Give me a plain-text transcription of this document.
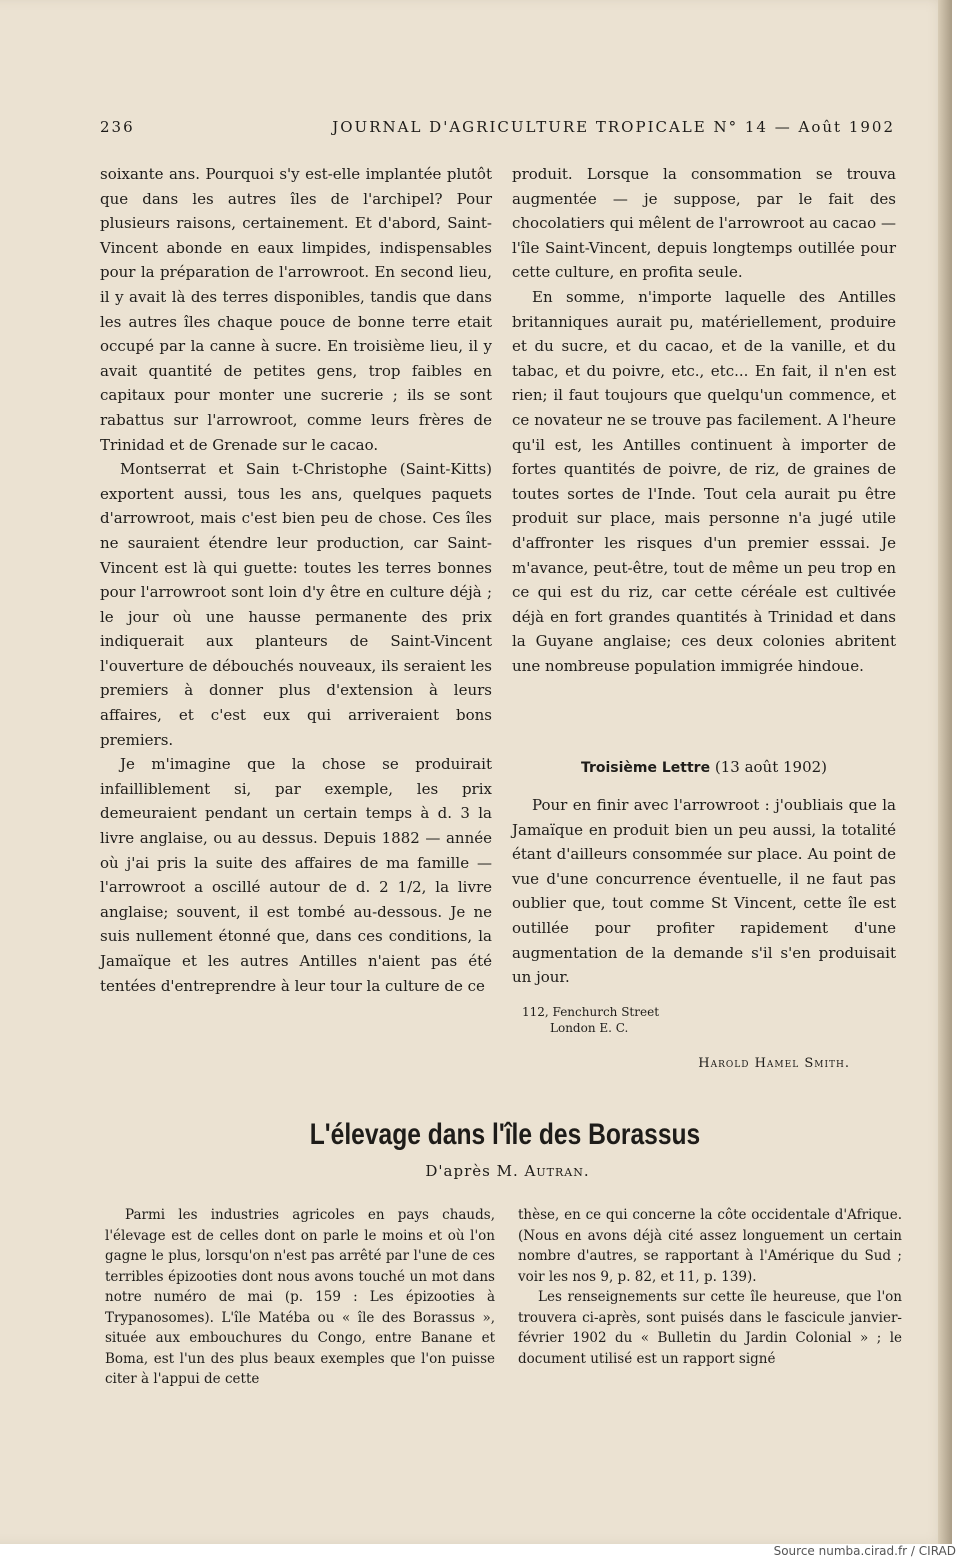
236	JOURNAL D'AGRICULTURE TROPICALE N° 14 — Août 1902

soixante ans. Pourquoi s'y est-elle implantée plutôt que dans les autres îles de l'archipel? Pour plusieurs raisons, certainement. Et d'abord, Saint-Vincent abonde en eaux limpides, indispensables pour la préparation de l'arrowroot. En second lieu, il y avait là des terres disponibles, tandis que dans les autres îles chaque pouce de bonne terre etait occupé par la canne à sucre. En troisième lieu, il y avait quantité de petites gens, trop faibles en capitaux pour monter une sucrerie ; ils se sont rabattus sur l'arrowroot, comme leurs frères de Trinidad et de Grenade sur le cacao.

Montserrat et Sain t-Christophe (Saint-Kitts) exportent aussi, tous les ans, quelques paquets d'arrowroot, mais c'est bien peu de chose. Ces îles ne sauraient étendre leur production, car Saint-Vincent est là qui guette: toutes les terres bonnes pour l'arrowroot sont loin d'y être en culture déjà ; le jour où une hausse permanente des prix indiquerait aux planteurs de Saint-Vincent l'ouverture de débouchés nouveaux, ils seraient les premiers à donner plus d'extension à leurs affaires, et c'est eux qui arriveraient bons premiers.

Je m'imagine que la chose se produirait infailliblement si, par exemple, les prix demeuraient pendant un certain temps à d. 3 la livre anglaise, ou au dessus. Depuis 1882 — année où j'ai pris la suite des affaires de ma famille — l'arrowroot a oscillé autour de d. 2 1/2, la livre anglaise; souvent, il est tombé au-dessous. Je ne suis nullement étonné que, dans ces conditions, la Jamaïque et les autres Antilles n'aient pas été tentées d'entreprendre à leur tour la culture de ce

produit. Lorsque la consommation se trouva augmentée — je suppose, par le fait des chocolatiers qui mêlent de l'arrowroot au cacao — l'île Saint-Vincent, depuis longtemps outillée pour cette culture, en profita seule.

En somme, n'importe laquelle des Antilles britanniques aurait pu, matériellement, produire et du sucre, et du cacao, et de la vanille, et du tabac, et du poivre, etc., etc... En fait, il n'en est rien; il faut toujours que quelqu'un commence, et ce novateur ne se trouve pas facilement. A l'heure qu'il est, les Antilles continuent à importer de fortes quantités de poivre, de riz, de graines de toutes sortes de l'Inde. Tout cela aurait pu être produit sur place, mais personne n'a jugé utile d'affronter les risques d'un premier esssai. Je m'avance, peut-être, tout de même un peu trop en ce qui est du riz, car cette céréale est cultivée déjà en fort grandes quantités à Trinidad et dans la Guyane anglaise; ces deux colonies abritent une nombreuse population immigrée hindoue.

Troisième Lettre (13 août 1902)

Pour en finir avec l'arrowroot : j'oubliais que la Jamaïque en produit bien un peu aussi, la totalité étant d'ailleurs consommée sur place. Au point de vue d'une concurrence éventuelle, il ne faut pas oublier que, tout comme St Vincent, cette île est outillée pour profiter rapidement d'une augmentation de la demande s'il s'en produisait un jour.

112, Fenchurch Street
London E. C.
Harold Hamel Smith.
L'élevage dans l'île des Borassus
D'après M. Autran.

Parmi les industries agricoles en pays chauds, l'élevage est de celles dont on parle le moins et où l'on gagne le plus, lorsqu'on n'est pas arrêté par l'une de ces terribles épizooties dont nous avons touché un mot dans notre numéro de mai (p. 159 : Les épizooties à Trypanosomes). L'île Matéba ou « île des Borassus », située aux embouchures du Congo, entre Banane et Boma, est l'un des plus beaux exemples que l'on puisse citer à l'appui de cette

thèse, en ce qui concerne la côte occidentale d'Afrique. (Nous en avons déjà cité assez longuement un certain nombre d'autres, se rapportant à l'Amérique du Sud ; voir les nos 9, p. 82, et 11, p. 139).

Les renseignements sur cette île heureuse, que l'on trouvera ci-après, sont puisés dans le fascicule janvier-février 1902 du « Bulletin du Jardin Colonial » ; le document utilisé est un rapport signé

Source numba.cirad.fr / CIRAD
